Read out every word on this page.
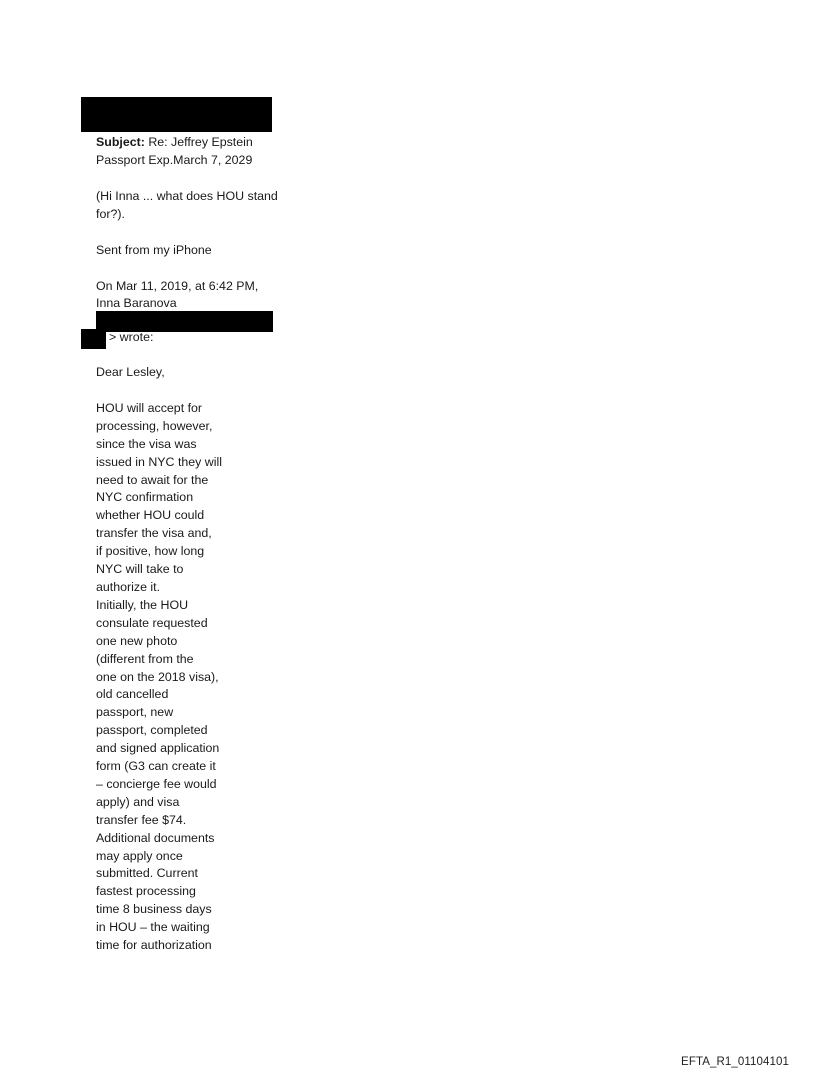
Subject: Re: Jeffrey Epstein Passport Exp.March 7, 2029
(Hi Inna ... what does HOU stand for?).
Sent from my iPhone
On Mar 11, 2019, at 6:42 PM, Inna Baranova
> wrote:
Dear Lesley,
HOU will accept for
processing, however,
since the visa was
issued in NYC they will
need to await for the
NYC confirmation
whether HOU could
transfer the visa and,
if positive, how long
NYC will take to
authorize it.
Initially, the HOU
consulate requested
one new photo
(different from the
one on the 2018 visa),
old cancelled
passport, new
passport, completed
and signed application
form (G3 can create it
– concierge fee would
apply) and visa
transfer fee $74.
Additional documents
may apply once
submitted. Current
fastest processing
time 8 business days
in HOU – the waiting
time for authorization
EFTA_R1_01104101
